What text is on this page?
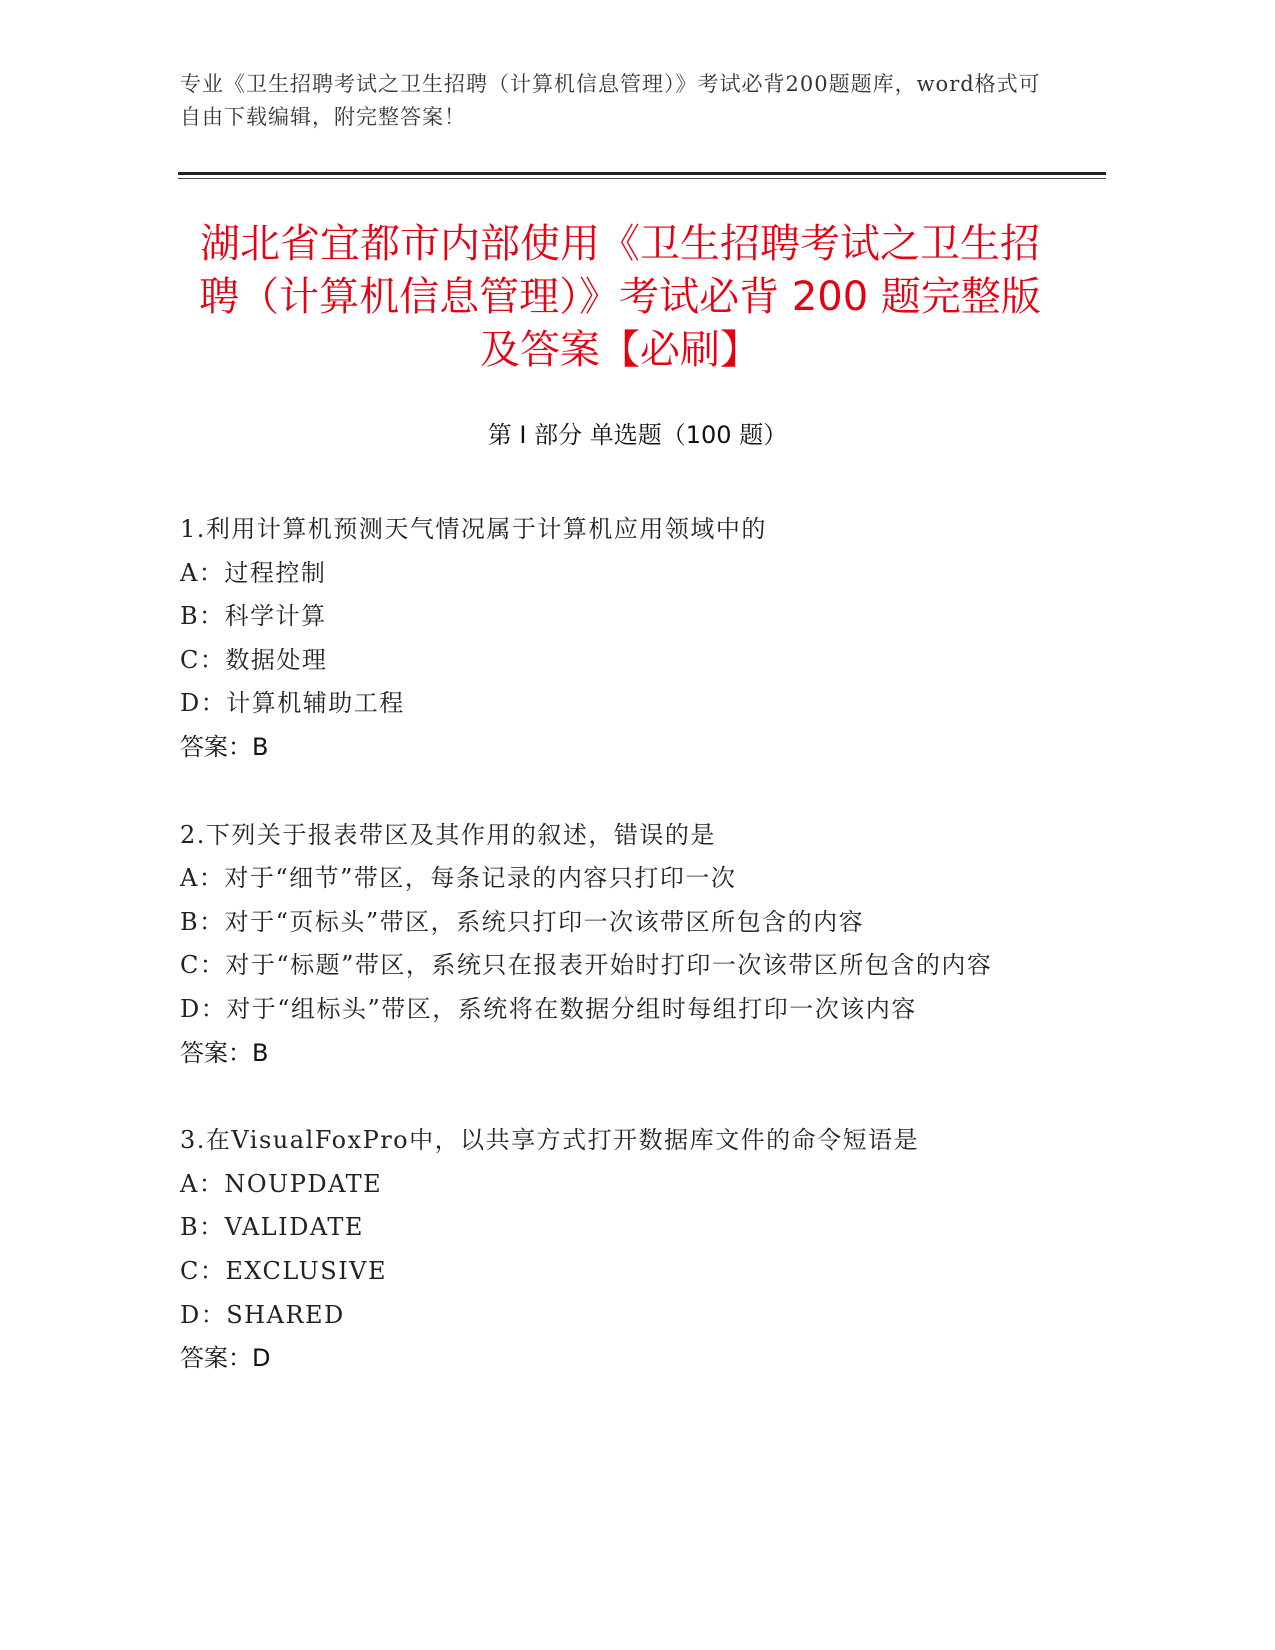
专业《卫生招聘考试之卫生招聘（计算机信息管理）》考试必背200题题库，word格式可自由下载编辑，附完整答案！
湖北省宜都市内部使用《卫生招聘考试之卫生招聘（计算机信息管理）》考试必背 200 题完整版及答案【必刷】
第 I 部分 单选题（100 题）
1.利用计算机预测天气情况属于计算机应用领域中的
A：过程控制
B：科学计算
C：数据处理
D：计算机辅助工程
答案：B
2.下列关于报表带区及其作用的叙述，错误的是
A：对于“细节”带区，每条记录的内容只打印一次
B：对于“页标头”带区，系统只打印一次该带区所包含的内容
C：对于“标题”带区，系统只在报表开始时打印一次该带区所包含的内容
D：对于“组标头”带区，系统将在数据分组时每组打印一次该内容
答案：B
3.在VisualFoxPro中，以共享方式打开数据库文件的命令短语是
A：NOUPDATE
B：VALIDATE
C：EXCLUSIVE
D：SHARED
答案：D
